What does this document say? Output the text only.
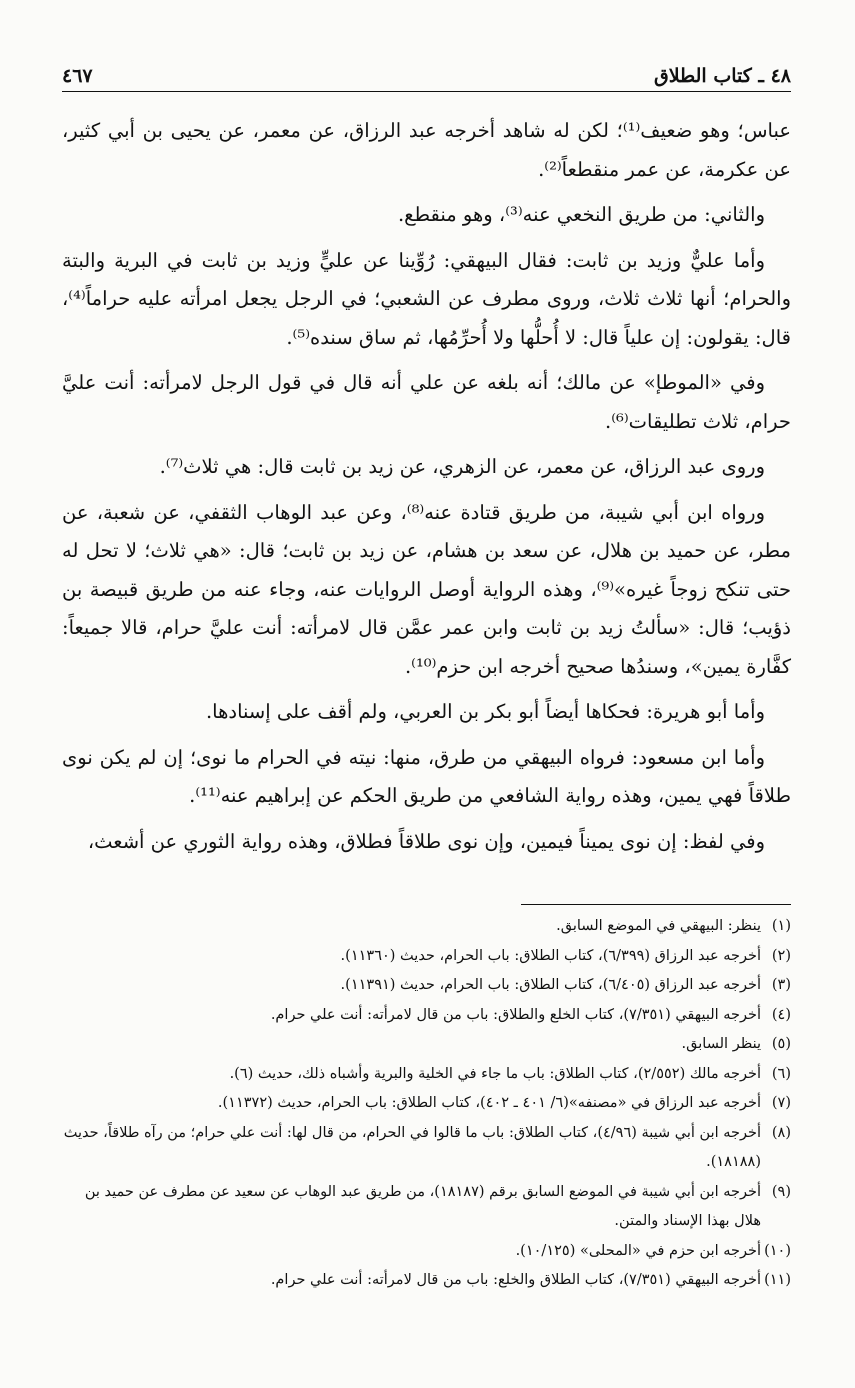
٤٨ ـ كتاب الطلاق
٤٦٧

عباس؛ وهو ضعيف⁽¹⁾؛ لكن له شاهد أخرجه عبد الرزاق، عن معمر، عن يحيى بن أبي كثير، عن عكرمة، عن عمر منقطعاً⁽²⁾.

والثاني: من طريق النخعي عنه⁽³⁾، وهو منقطع.

وأما عليٌّ وزيد بن ثابت: فقال البيهقي: رُوِّينا عن عليٍّ وزيد بن ثابت في البرية والبتة والحرام؛ أنها ثلاث ثلاث، وروى مطرف عن الشعبي؛ في الرجل يجعل امرأته عليه حراماً⁽⁴⁾، قال: يقولون: إن علياً قال: لا أُحلُّها ولا أُحرِّمُها، ثم ساق سنده⁽⁵⁾.

وفي «الموطإ» عن مالك؛ أنه بلغه عن علي أنه قال في قول الرجل لامرأته: أنت عليَّ حرام، ثلاث تطليقات⁽⁶⁾.

وروى عبد الرزاق، عن معمر، عن الزهري، عن زيد بن ثابت قال: هي ثلاث⁽⁷⁾.

ورواه ابن أبي شيبة، من طريق قتادة عنه⁽⁸⁾، وعن عبد الوهاب الثقفي، عن شعبة، عن مطر، عن حميد بن هلال، عن سعد بن هشام، عن زيد بن ثابت؛ قال: «هي ثلاث؛ لا تحل له حتى تنكح زوجاً غيره»⁽⁹⁾، وهذه الرواية أوصل الروايات عنه، وجاء عنه من طريق قبيصة بن ذؤيب؛ قال: «سألتُ زيد بن ثابت وابن عمر عمَّن قال لامرأته: أنت عليَّ حرام، قالا جميعاً: كفَّارة يمين»، وسندُها صحيح أخرجه ابن حزم⁽¹⁰⁾.

وأما أبو هريرة: فحكاها أيضاً أبو بكر بن العربي، ولم أقف على إسنادها.

وأما ابن مسعود: فرواه البيهقي من طرق، منها: نيته في الحرام ما نوى؛ إن لم يكن نوى طلاقاً فهي يمين، وهذه رواية الشافعي من طريق الحكم عن إبراهيم عنه⁽¹¹⁾.

وفي لفظ: إن نوى يميناً فيمين، وإن نوى طلاقاً فطلاق، وهذه رواية الثوري عن أشعث،

(١)ينظر: البيهقي في الموضع السابق.

(٢)أخرجه عبد الرزاق (٦/٣٩٩)، كتاب الطلاق: باب الحرام، حديث (١١٣٦٠).

(٣)أخرجه عبد الرزاق (٦/٤٠٥)، كتاب الطلاق: باب الحرام، حديث (١١٣٩١).

(٤)أخرجه البيهقي (٧/٣٥١)، كتاب الخلع والطلاق: باب من قال لامرأته: أنت علي حرام.

(٥)ينظر السابق.

(٦)أخرجه مالك (٢/٥٥٢)، كتاب الطلاق: باب ما جاء في الخلية والبرية وأشباه ذلك، حديث (٦).

(٧)أخرجه عبد الرزاق في «مصنفه»(٦/ ٤٠١ ـ ٤٠٢)، كتاب الطلاق: باب الحرام، حديث (١١٣٧٢).

(٨)أخرجه ابن أبي شيبة (٤/٩٦)، كتاب الطلاق: باب ما قالوا في الحرام، من قال لها: أنت علي حرام؛ من رآه طلاقاً، حديث (١٨١٨٨).

(٩)أخرجه ابن أبي شيبة في الموضع السابق برقم (١٨١٨٧)، من طريق عبد الوهاب عن سعيد عن مطرف عن حميد بن هلال بهذا الإسناد والمتن.

(١٠)أخرجه ابن حزم في «المحلى» (١٠/١٢٥).

(١١)أخرجه البيهقي (٧/٣٥١)، كتاب الطلاق والخلع: باب من قال لامرأته: أنت علي حرام.
